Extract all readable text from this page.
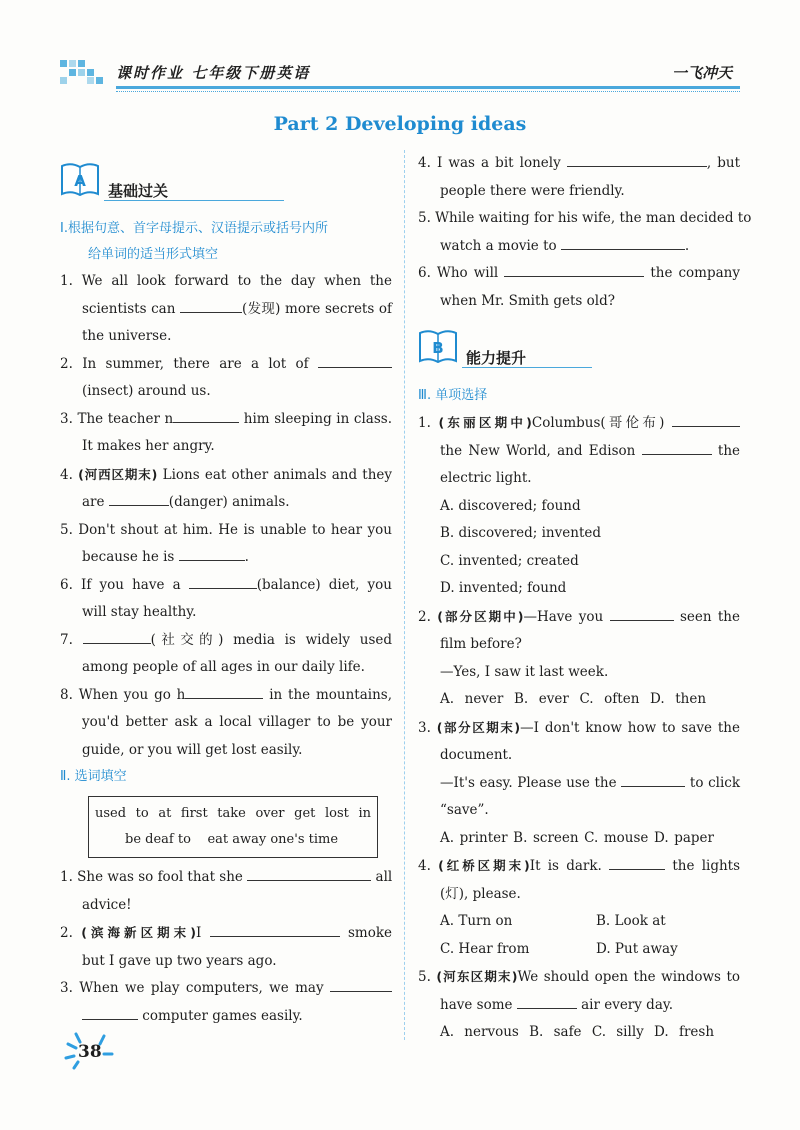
课时作业 七年级下册英语	一飞冲天
Part 2 Developing ideas
A
基础过关
Ⅰ.根据句意、首字母提示、汉语提示或括号内所
给单词的适当形式填空
1. We all look forward to the day when the
scientists can	(发现) more secrets of
the universe.
2. In summer, there are a lot of
(insect) around us.
3. The teacher n	him sleeping in class.
It makes her angry.
4. (河西区期末) Lions eat other animals and they
are	(danger) animals.
5. Don't shout at him. He is unable to hear you
because he is	.
6. If you have a	(balance) diet, you
will stay healthy.
7.	(社交的) media is widely used
among people of all ages in our daily life.
8. When you go h	in the mountains,
you'd better ask a local villager to be your
guide, or you will get lost easily.
Ⅱ. 选词填空
used to at first take over get lost in
be deaf to eat away one's time
1. She was so fool that she	all
advice!
2. (滨海新区期末)I	smoke
but I gave up two years ago.
3. When we play computers, we may
computer games easily.
4. I was a bit lonely	, but
people there were friendly.
5. While waiting for his wife, the man decided to
watch a movie to	.
6. Who will	the company
when Mr. Smith gets old?
B
能力提升
Ⅲ. 单项选择
1. (东丽区期中)Columbus(哥伦布)
the New World, and Edison	the
electric light.
A. discovered; found
B. discovered; invented
C. invented; created
D. invented; found
2. (部分区期中)—Have you	seen the
film before?
—Yes, I saw it last week.
A. never B. ever C. often D. then
3. (部分区期末)—I don't know how to save the
document.
—It's easy. Please use the	to click
“save”.
A. printer B. screen C. mouse D. paper
4. (红桥区期末)It is dark.	the lights
(灯), please.
A. Turn on	B. Look at
C. Hear from	D. Put away
5. (河东区期末)We should open the windows to
have some	air every day.
A. nervous B. safe C. silly D. fresh
38
